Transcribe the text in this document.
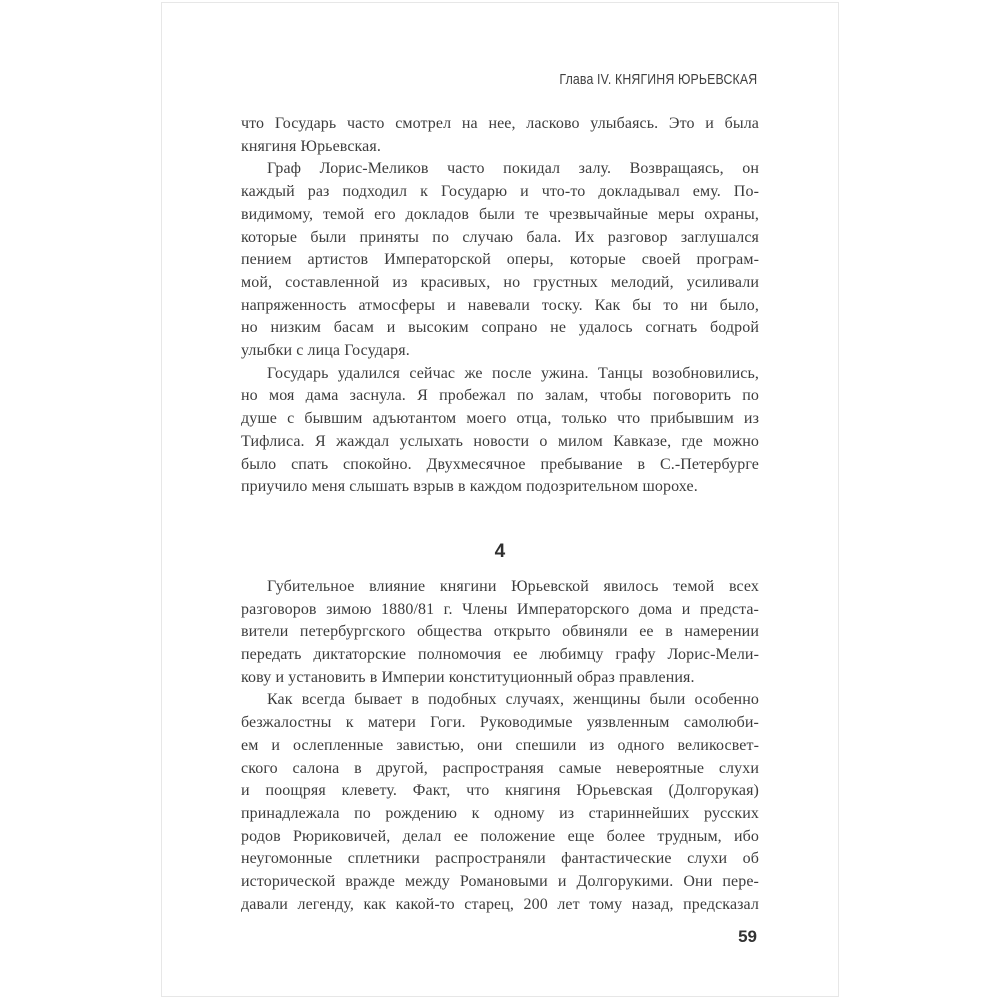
Глава IV. КНЯГИНЯ ЮРЬЕВСКАЯ
что Государь часто смотрел на нее, ласково улыбаясь. Это и была
княгиня Юрьевская.
Граф Лорис-Меликов часто покидал залу. Возвращаясь, он
каждый раз подходил к Государю и что-то докладывал ему. По-
видимому, темой его докладов были те чрезвычайные меры охраны,
которые были приняты по случаю бала. Их разговор заглушался
пением артистов Императорской оперы, которые своей програм-
мой, составленной из красивых, но грустных мелодий, усиливали
напряженность атмосферы и навевали тоску. Как бы то ни было,
но низким басам и высоким сопрано не удалось согнать бодрой
улыбки с лица Государя.
Государь удалился сейчас же после ужина. Танцы возобновились,
но моя дама заснула. Я пробежал по залам, чтобы поговорить по
душе с бывшим адъютантом моего отца, только что прибывшим из
Тифлиса. Я жаждал услыхать новости о милом Кавказе, где можно
было спать спокойно. Двухмесячное пребывание в С.-Петербурге
приучило меня слышать взрыв в каждом подозрительном шорохе.
4
Губительное влияние княгини Юрьевской явилось темой всех
разговоров зимою 1880/81 г. Члены Императорского дома и предста-
вители петербургского общества открыто обвиняли ее в намерении
передать диктаторские полномочия ее любимцу графу Лорис-Мели-
кову и установить в Империи конституционный образ правления.
Как всегда бывает в подобных случаях, женщины были особенно
безжалостны к матери Гоги. Руководимые уязвленным самолюби-
ем и ослепленные завистью, они спешили из одного великосвет-
ского салона в другой, распространяя самые невероятные слухи
и поощряя клевету. Факт, что княгиня Юрьевская (Долгорукая)
принадлежала по рождению к одному из стариннейших русских
родов Рюриковичей, делал ее положение еще более трудным, ибо
неугомонные сплетники распространяли фантастические слухи об
исторической вражде между Романовыми и Долгорукими. Они пере-
давали легенду, как какой-то старец, 200 лет тому назад, предсказал
59
